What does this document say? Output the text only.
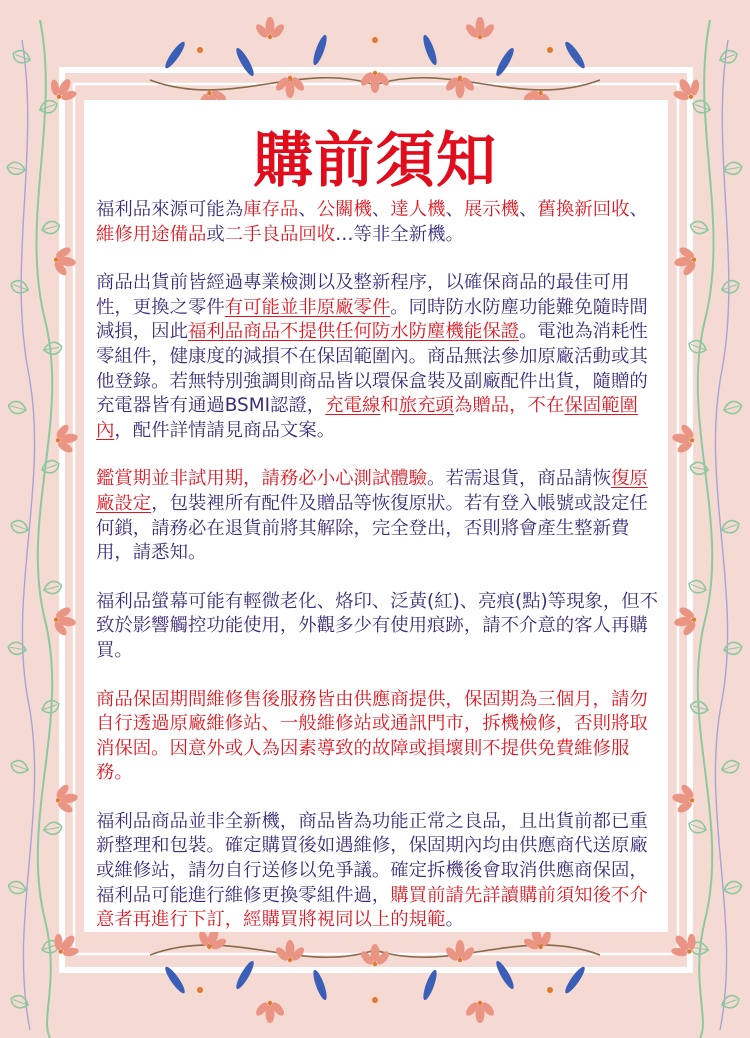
購前須知

福利品來源可能為庫存品、公關機、達人機、展示機、舊換新回收、維修用途備品或二手良品回收…等非全新機。

商品出貨前皆經過專業檢測以及整新程序，以確保商品的最佳可用性，更換之零件有可能並非原廠零件。同時防水防塵功能難免隨時間減損，因此福利品商品不提供任何防水防塵機能保證。電池為消耗性零組件，健康度的減損不在保固範圍內。商品無法參加原廠活動或其他登錄。若無特別強調則商品皆以環保盒裝及副廠配件出貨，隨贈的充電器皆有通過BSMI認證，充電線和旅充頭為贈品，不在保固範圍內，配件詳情請見商品文案。

鑑賞期並非試用期，請務必小心測試體驗。若需退貨，商品請恢復原廠設定，包裝裡所有配件及贈品等恢復原狀。若有登入帳號或設定任何鎖，請務必在退貨前將其解除，完全登出，否則將會產生整新費用，請悉知。

福利品螢幕可能有輕微老化、烙印、泛黃(紅)、亮痕(點)等現象，但不致於影響觸控功能使用，外觀多少有使用痕跡，請不介意的客人再購買。

商品保固期間維修售後服務皆由供應商提供，保固期為三個月，請勿自行透過原廠維修站、一般維修站或通訊門市，拆機檢修，否則將取消保固。因意外或人為因素導致的故障或損壞則不提供免費維修服務。

福利品商品並非全新機，商品皆為功能正常之良品，且出貨前都已重新整理和包裝。確定購買後如遇維修，保固期內均由供應商代送原廠或維修站，請勿自行送修以免爭議。確定拆機後會取消供應商保固，福利品可能進行維修更換零組件過，購買前請先詳讀購前須知後不介意者再進行下訂，經購買將視同以上的規範。
